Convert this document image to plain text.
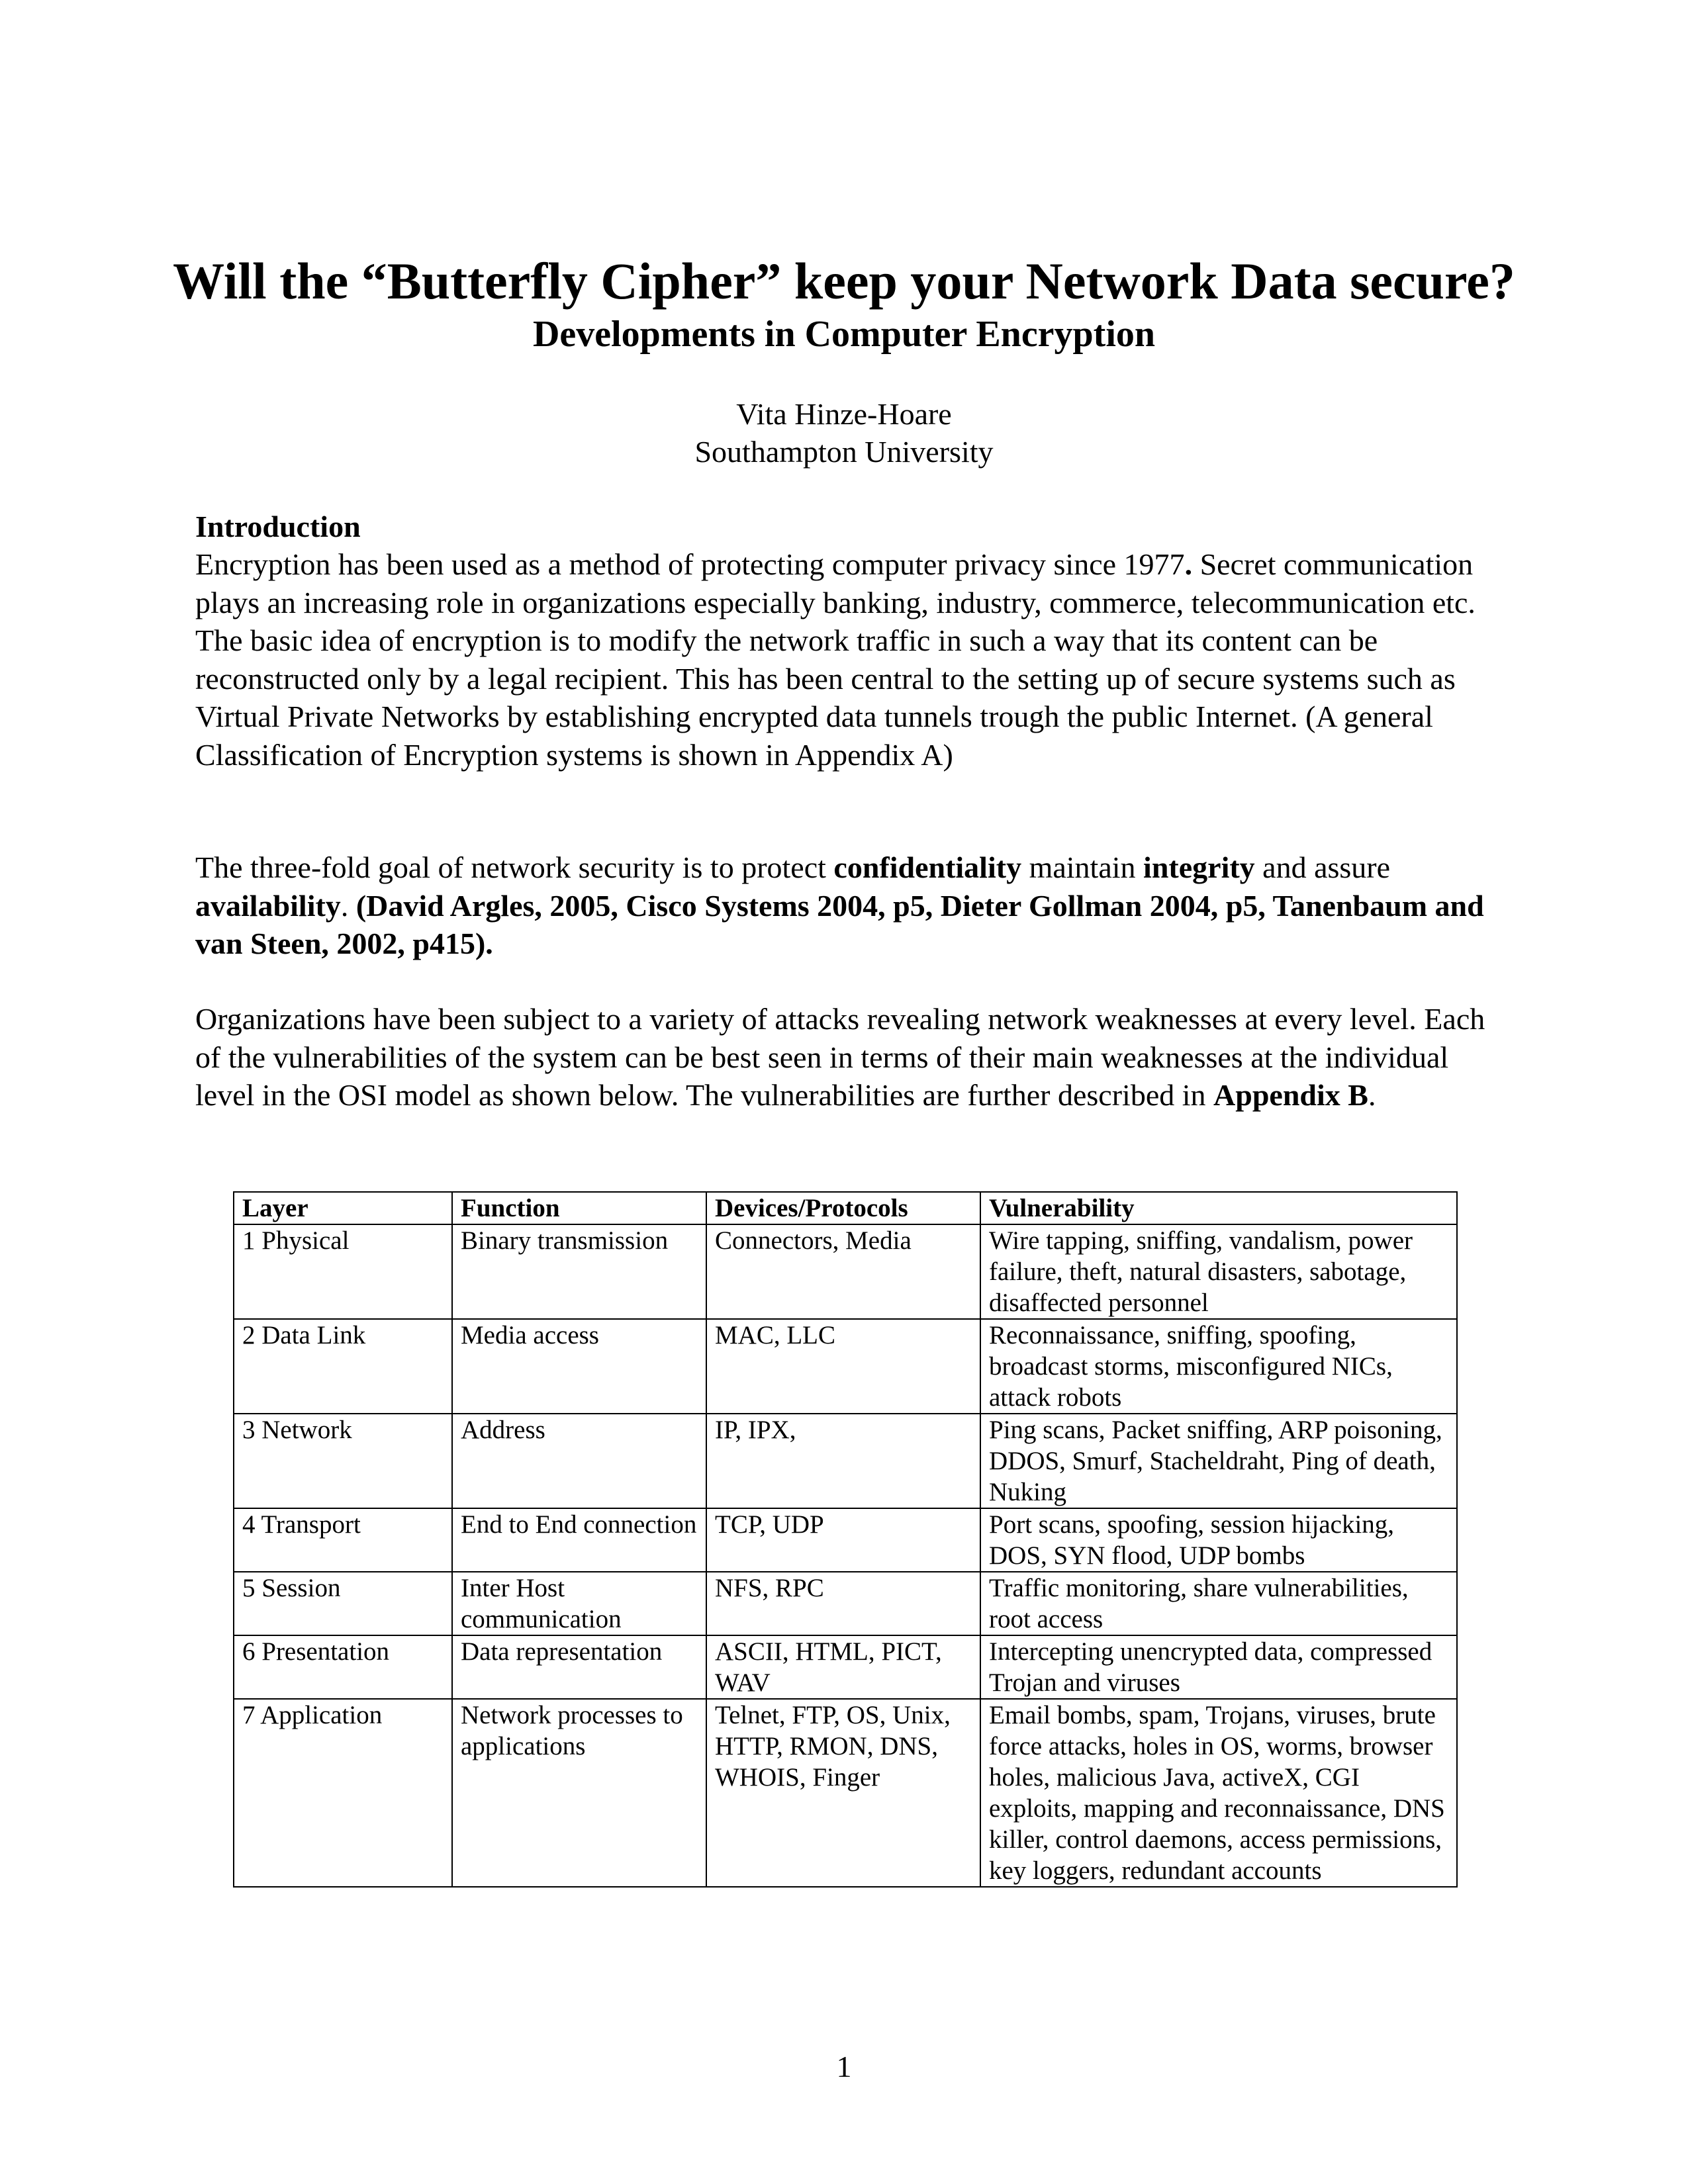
Will the “Butterfly Cipher” keep your Network Data secure?
Developments in Computer Encryption

Vita Hinze-Hoare

Southampton University

Introduction

Encryption has been used as a method of protecting computer privacy since 1977. Secret communication plays an increasing role in organizations especially banking, industry, commerce, telecommunication etc. The basic idea of encryption is to modify the network traffic in such a way that its content can be reconstructed only by a legal recipient. This has been central to the setting up of secure systems such as Virtual Private Networks by establishing encrypted data tunnels trough the public Internet. (A general Classification of Encryption systems is shown in Appendix A)

The three-fold goal of network security is to protect confidentiality maintain integrity and assure availability. (David Argles, 2005, Cisco Systems 2004, p5, Dieter Gollman 2004, p5, Tanenbaum and van Steen, 2002, p415).

Organizations have been subject to a variety of attacks revealing network weaknesses at every level. Each of the vulnerabilities of the system can be best seen in terms of their main weaknesses at the individual level in the OSI model as shown below. The vulnerabilities are further described in Appendix B.

Layer	Function	Devices/Protocols	Vulnerability
1 Physical	Binary transmission	Connectors, Media	Wire tapping, sniffing, vandalism, power failure, theft, natural disasters, sabotage, disaffected personnel
2 Data Link	Media access	MAC, LLC	Reconnaissance, sniffing, spoofing, broadcast storms, misconfigured NICs, attack robots
3 Network	Address	IP, IPX,	Ping scans, Packet sniffing, ARP poisoning, DDOS, Smurf, Stacheldraht, Ping of death, Nuking
4 Transport	End to End connection	TCP, UDP	Port scans, spoofing, session hijacking, DOS, SYN flood, UDP bombs
5 Session	Inter Host communication	NFS, RPC	Traffic monitoring, share vulnerabilities, root access
6 Presentation	Data representation	ASCII, HTML, PICT, WAV	Intercepting unencrypted data, compressed Trojan and viruses
7 Application	Network processes to applications	Telnet, FTP, OS, Unix, HTTP, RMON, DNS, WHOIS, Finger	Email bombs, spam, Trojans, viruses, brute force attacks, holes in OS, worms, browser holes, malicious Java, activeX, CGI exploits, mapping and reconnaissance, DNS killer, control daemons, access permissions, key loggers, redundant accounts

1
